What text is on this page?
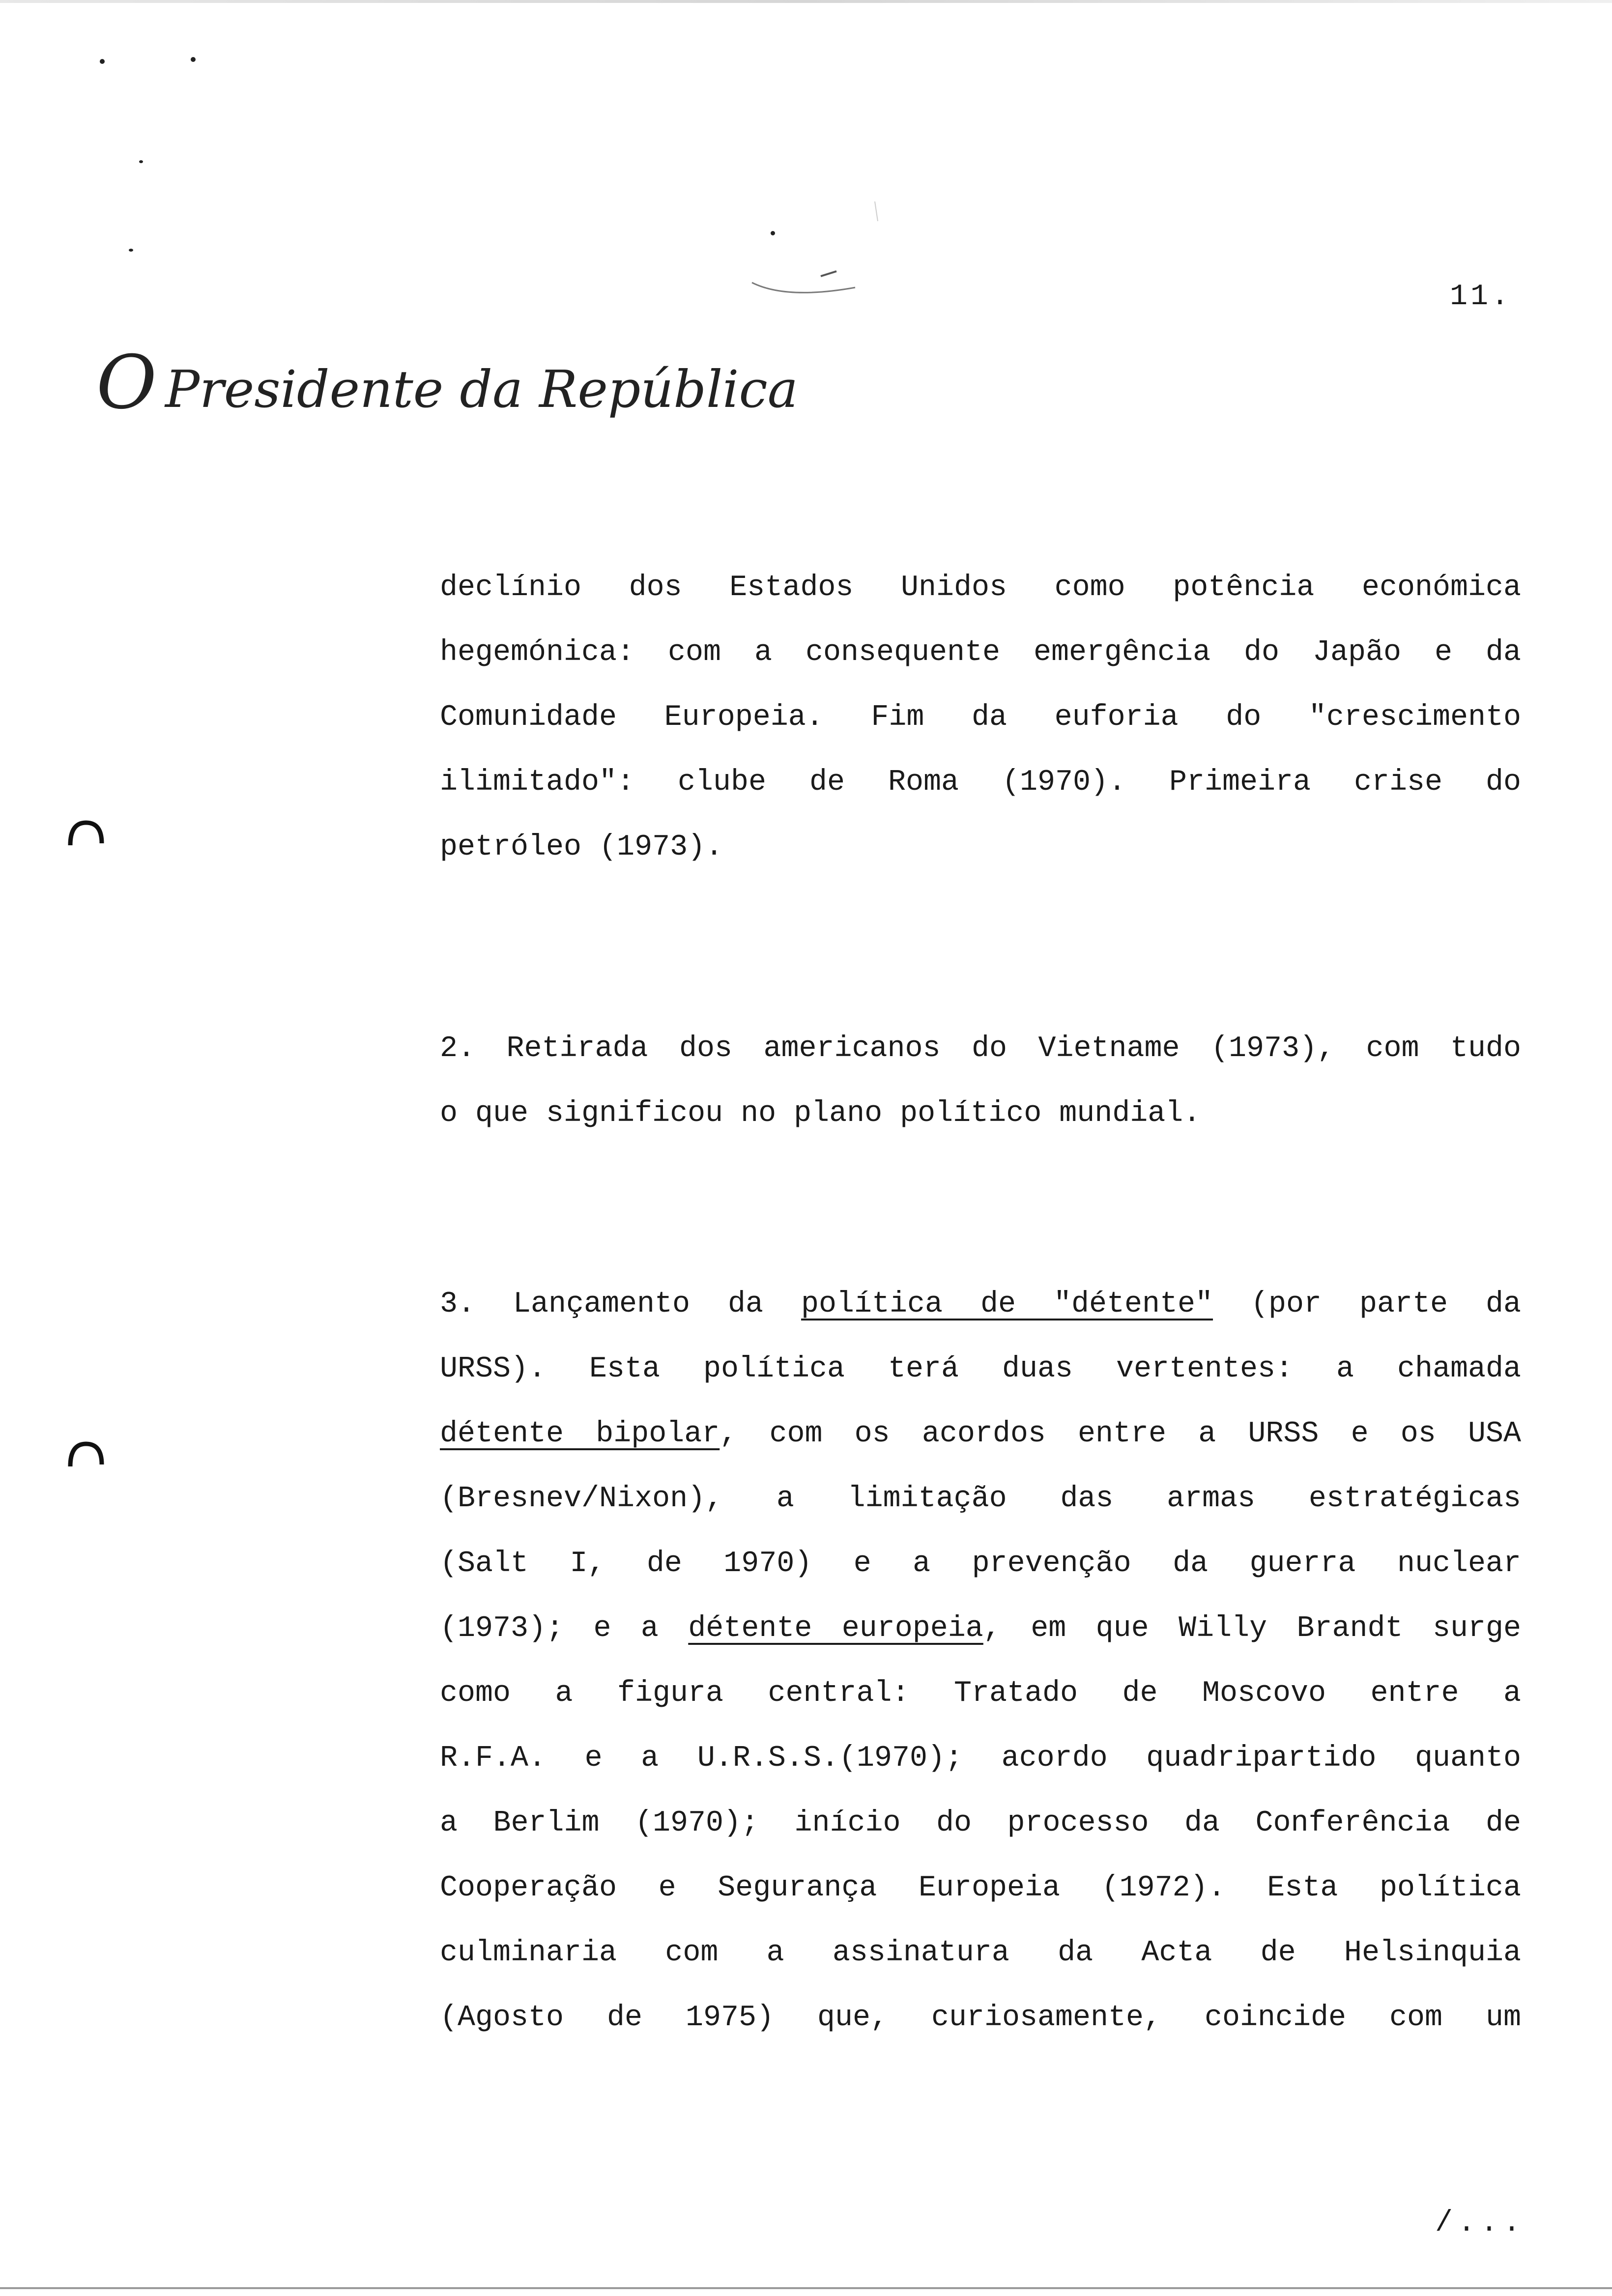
11.
O Presidente da República
declínio dos Estados Unidos como potência económica
hegemónica: com a consequente emergência do Japão e da
Comunidade Europeia. Fim da euforia do "crescimento
ilimitado": clube de Roma (1970). Primeira crise do
petróleo (1973).
2. Retirada dos americanos do Vietname (1973), com tudo
o que significou no plano político mundial.
3. Lançamento da política de "détente" (por parte da
URSS). Esta política terá duas vertentes: a chamada
détente bipolar, com os acordos entre a URSS e os USA
(Bresnev/Nixon), a limitação das armas estratégicas
(Salt I, de 1970) e a prevenção da guerra nuclear
(1973); e a détente europeia, em que Willy Brandt surge
como a figura central: Tratado de Moscovo entre a
R.F.A. e a U.R.S.S.(1970); acordo quadripartido quanto
a Berlim (1970); início do processo da Conferência de
Cooperação e Segurança Europeia (1972). Esta política
culminaria com a assinatura da Acta de Helsinquia
(Agosto de 1975) que, curiosamente, coincide com um
/...
